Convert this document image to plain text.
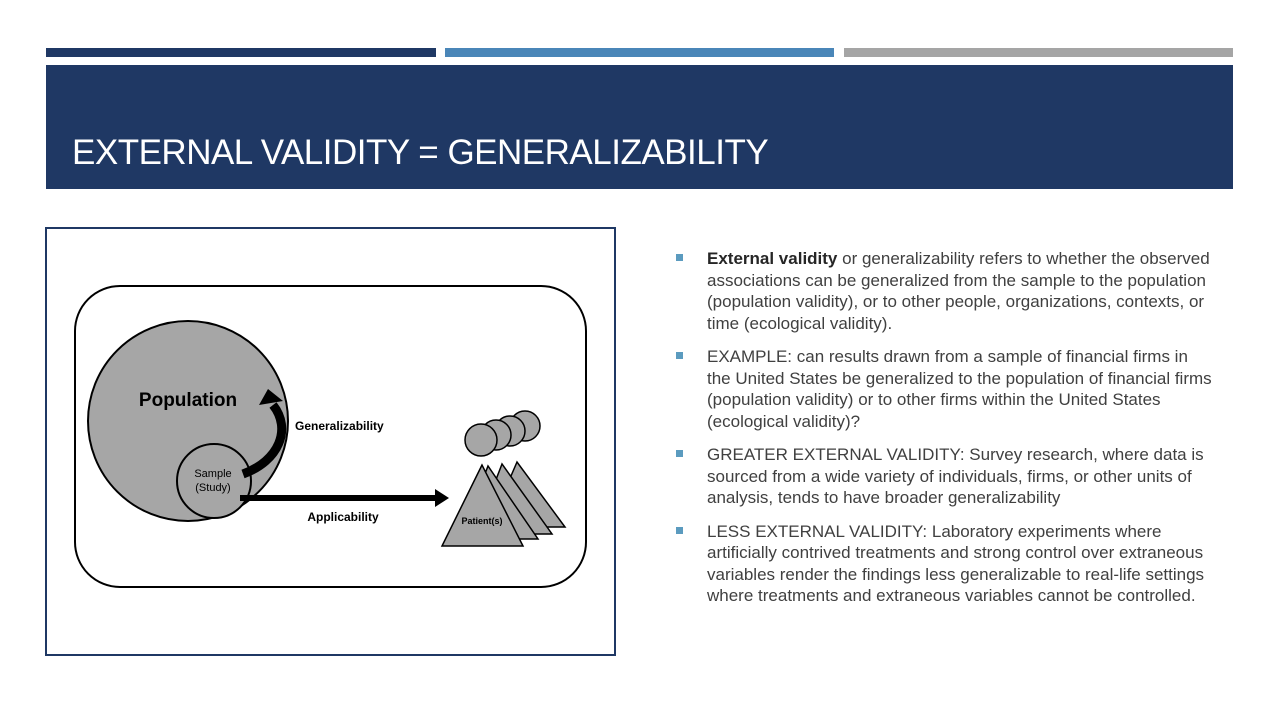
EXTERNAL VALIDITY = GENERALIZABILITY
Population
Sample
(Study)
Generalizability
Applicability	Patient(s)
External validity or generalizability refers to whether the observed associations can be generalized from the sample to the population (population validity), or to other people, organizations, contexts, or time (ecological validity).
EXAMPLE: can results drawn from a sample of financial firms in the United States be generalized to the population of financial firms (population validity) or to other firms within the United States (ecological validity)?
GREATER EXTERNAL VALIDITY: Survey research, where data is sourced from a wide variety of individuals, firms, or other units of analysis, tends to have broader generalizability
LESS EXTERNAL VALIDITY: Laboratory experiments where artificially contrived treatments and strong control over extraneous variables render the findings less generalizable to real-life settings where treatments and extraneous variables cannot be controlled.
